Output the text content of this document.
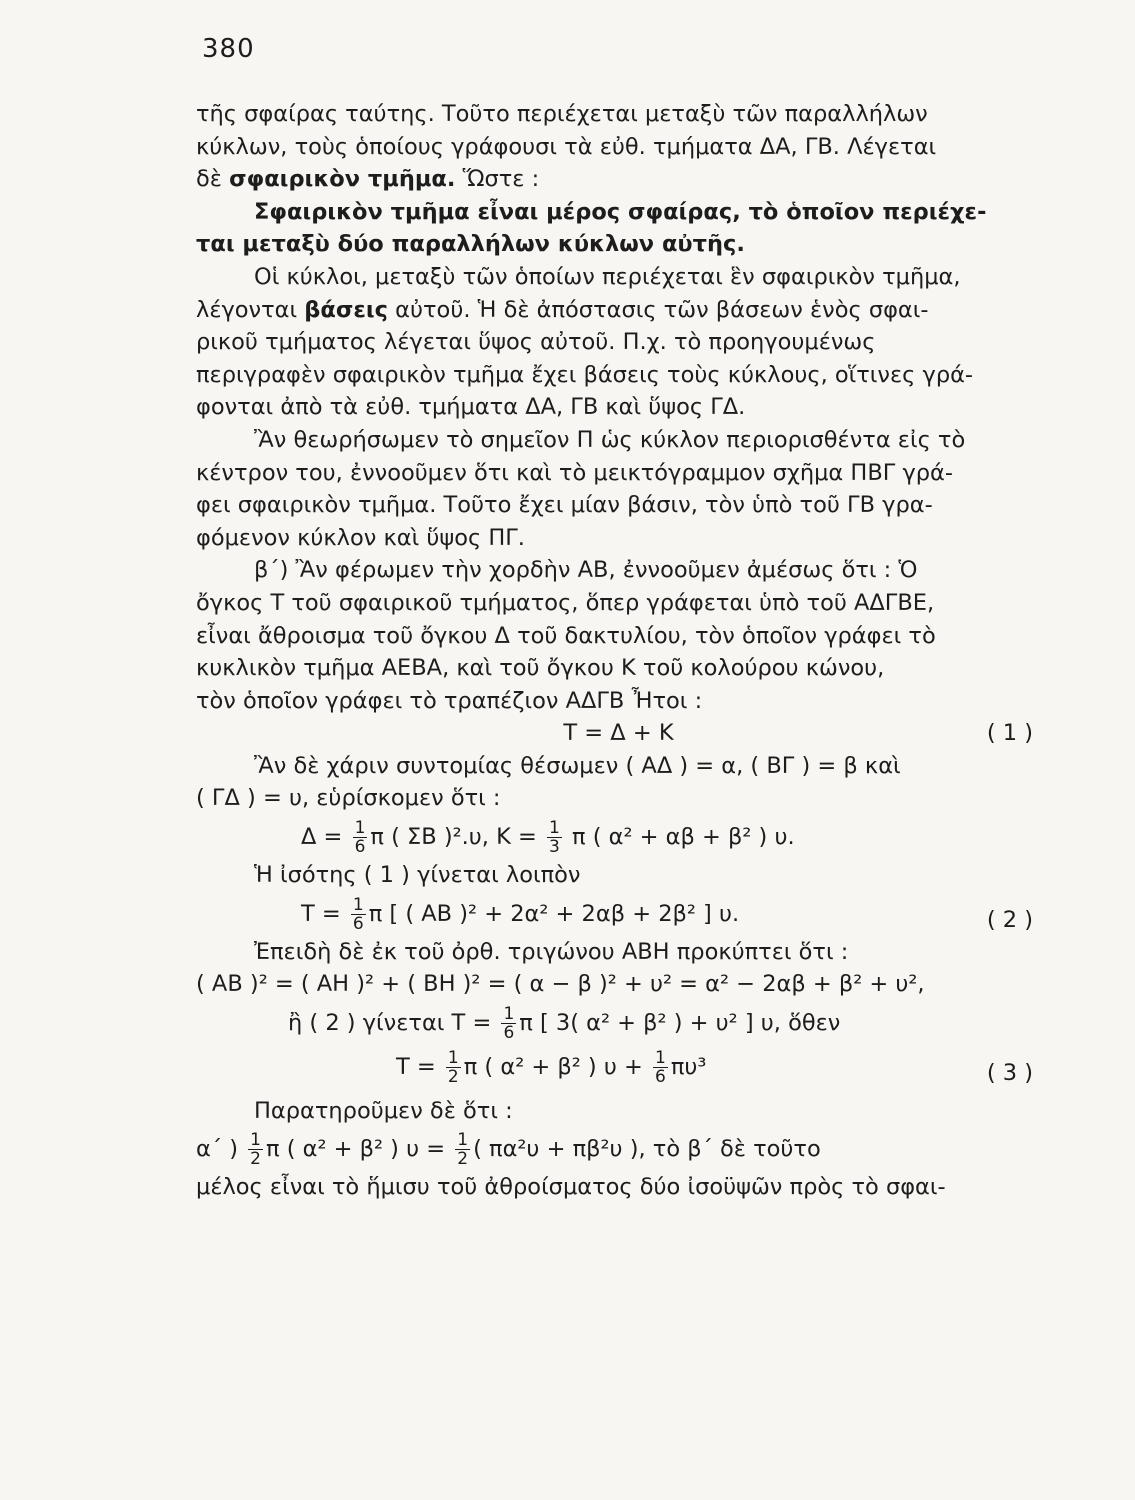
380

τῆς σφαίρας ταύτης. Τοῦτο περιέχεται μεταξὺ τῶν παραλλήλων

κύκλων, τοὺς ὁποίους γράφουσι τὰ εὐθ. τμήματα ΔΑ, ΓΒ. Λέγεται

δὲ σφαιρικὸν τμῆμα. Ὥστε :

Σφαιρικὸν τμῆμα εἶναι μέρος σφαίρας, τὸ ὁποῖον περιέχε-

ται μεταξὺ δύο παραλλήλων κύκλων αὐτῆς.

Οἱ κύκλοι, μεταξὺ τῶν ὁποίων περιέχεται ἓν σφαιρικὸν τμῆμα,

λέγονται βάσεις αὐτοῦ. Ἡ δὲ ἀπόστασις τῶν βάσεων ἑνὸς σφαι-

ρικοῦ τμήματος λέγεται ὕψος αὐτοῦ. Π.χ. τὸ προηγουμένως

περιγραφὲν σφαιρικὸν τμῆμα ἔχει βάσεις τοὺς κύκλους, οἵτινες γρά-

φονται ἀπὸ τὰ εὐθ. τμήματα ΔΑ, ΓΒ καὶ ὕψος ΓΔ.

Ἂν θεωρήσωμεν τὸ σημεῖον Π ὡς κύκλον περιορισθέντα εἰς τὸ

κέντρον του, ἐννοοῦμεν ὅτι καὶ τὸ μεικτόγραμμον σχῆμα ΠΒΓ γρά-

φει σφαιρικὸν τμῆμα. Τοῦτο ἔχει μίαν βάσιν, τὸν ὑπὸ τοῦ ΓΒ γρα-

φόμενον κύκλον καὶ ὕψος ΠΓ.

β΄) Ἂν φέρωμεν τὴν χορδὴν ΑΒ, ἐννοοῦμεν ἀμέσως ὅτι : Ὁ

ὄγκος Τ τοῦ σφαιρικοῦ τμήματος, ὅπερ γράφεται ὑπὸ τοῦ ΑΔΓΒΕ,

εἶναι ἄθροισμα τοῦ ὄγκου Δ τοῦ δακτυλίου, τὸν ὁποῖον γράφει τὸ

κυκλικὸν τμῆμα ΑΕΒΑ, καὶ τοῦ ὄγκου Κ τοῦ κολούρου κώνου,

τὸν ὁποῖον γράφει τὸ τραπέζιον ΑΔΓΒ Ἦτοι :

Τ = Δ + Κ	( 1 )

Ἂν δὲ χάριν συντομίας θέσωμεν ( ΑΔ ) = α, ( ΒΓ ) = β καὶ

( ΓΔ ) = υ, εὑρίσκομεν ὅτι :

$\Delta = \frac{1}{6}$ π ( ΣΒ )².υ, $K = \frac{1}{3}$ π ( α² + αβ + β² ) υ.

Ἡ ἰσότης ( 1 ) γίνεται λοιπὸν

$T = \frac{1}{6}$ π [ ( ΑΒ )² + 2α² + 2αβ + 2β² ] υ.	( 2 )

Ἐπειδὴ δὲ ἐκ τοῦ ὀρθ. τριγώνου ΑΒΗ προκύπτει ὅτι :

( ΑΒ )² = ( ΑΗ )² + ( ΒΗ )² = ( α − β )² + υ² = α² − 2αβ + β² + υ²,

ἢ ( 2 ) γίνεται $T = \frac{1}{6}$ π [ 3( α² + β² ) + υ² ] υ, ὅθεν

$T = \frac{1}{2}$ π ( α² + β² ) $\upsilon + \frac{1}{6} \pi\upsilon^3$	( 3 )

Παρατηροῦμεν δὲ ὅτι :

α΄ ) $\frac{1}{2}$ π ( α² + β² ) $\upsilon = \frac{1}{2}$ ( πα²υ + πβ²υ ), τὸ β΄ δὲ τοῦτο

μέλος εἶναι τὸ ἥμισυ τοῦ ἀθροίσματος δύο ἰσοϋψῶν πρὸς τὸ σφαι-
